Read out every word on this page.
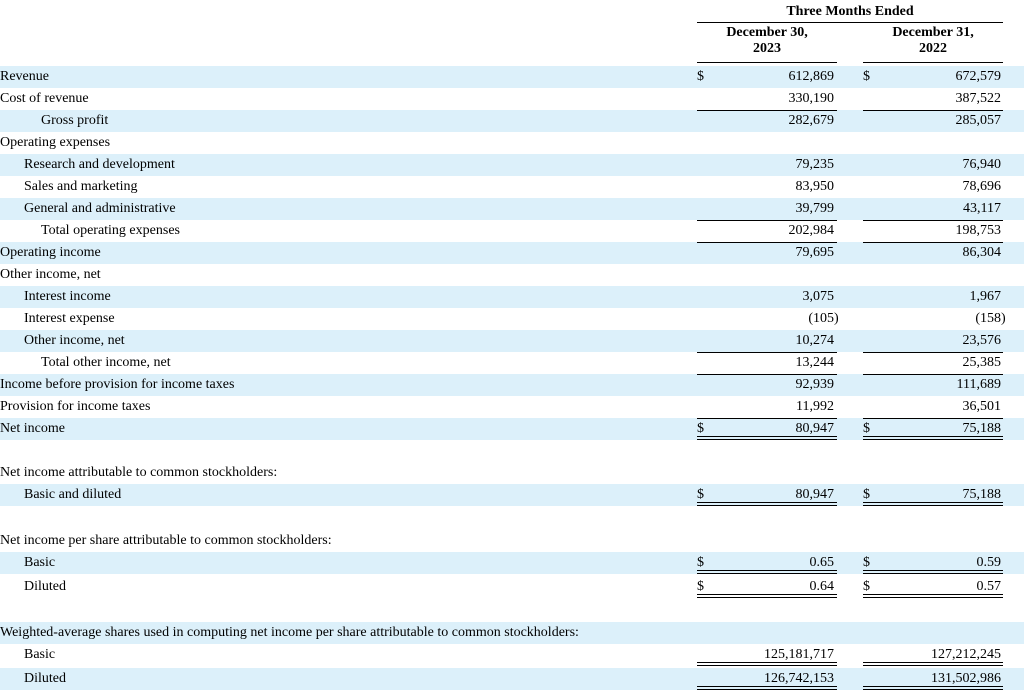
Three Months Ended
December 30,
2023
December 31,
2022
Revenue	$	612,869 $	672,579
Cost of revenue	330,190	387,522
Gross profit	282,679	285,057
Operating expenses
Research and development	79,235	76,940
Sales and marketing	83,950	78,696
General and administrative	39,799	43,117
Total operating expenses	202,984	198,753
Operating income	79,695	86,304
Other income, net
Interest income	3,075	1,967
Interest expense	(105 )	(158 )
Other income, net	10,274	23,576
Total other income, net	13,244	25,385
Income before provision for income taxes	92,939	111,689
Provision for income taxes	11,992	36,501
Net income	$	80,947 $	75,188
Net income attributable to common stockholders:
Basic and diluted	$	80,947 $	75,188
Net income per share attributable to common stockholders:
Basic	$	0.65 $	0.59
Diluted	$	0.64 $	0.57
Weighted-average shares used in computing net income per share attributable to common stockholders:
Basic	125,181,717	127,212,245
Diluted	126,742,153	131,502,986
